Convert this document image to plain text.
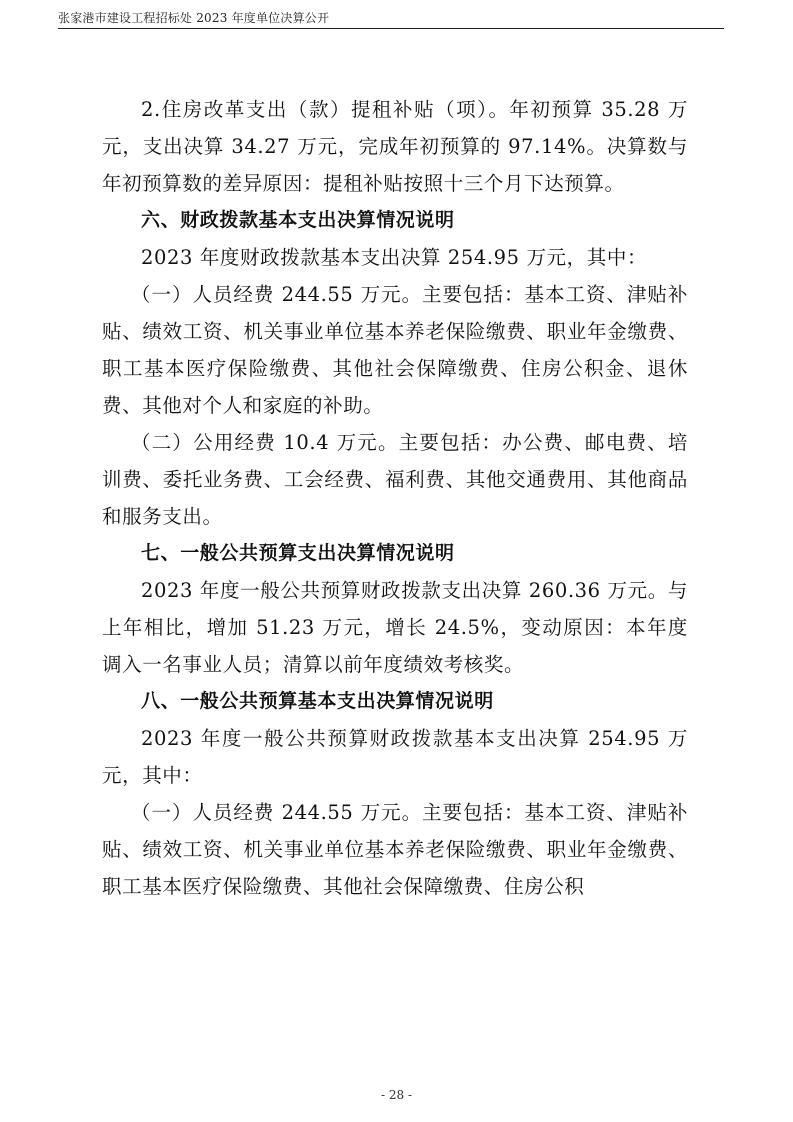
张家港市建设工程招标处 2023 年度单位决算公开

2.住房改革支出（款）提租补贴（项）。年初预算 35.28 万元，支出决算 34.27 万元，完成年初预算的 97.14%。决算数与年初预算数的差异原因：提租补贴按照十三个月下达预算。

六、财政拨款基本支出决算情况说明

2023 年度财政拨款基本支出决算 254.95 万元，其中：

（一）人员经费 244.55 万元。主要包括：基本工资、津贴补贴、绩效工资、机关事业单位基本养老保险缴费、职业年金缴费、职工基本医疗保险缴费、其他社会保障缴费、住房公积金、退休费、其他对个人和家庭的补助。

（二）公用经费 10.4 万元。主要包括：办公费、邮电费、培训费、委托业务费、工会经费、福利费、其他交通费用、其他商品和服务支出。

七、一般公共预算支出决算情况说明

2023 年度一般公共预算财政拨款支出决算 260.36 万元。与上年相比，增加 51.23 万元，增长 24.5%，变动原因：本年度调入一名事业人员；清算以前年度绩效考核奖。

八、一般公共预算基本支出决算情况说明

2023 年度一般公共预算财政拨款基本支出决算 254.95 万元，其中：

（一）人员经费 244.55 万元。主要包括：基本工资、津贴补贴、绩效工资、机关事业单位基本养老保险缴费、职业年金缴费、职工基本医疗保险缴费、其他社会保障缴费、住房公积

- 28 -
